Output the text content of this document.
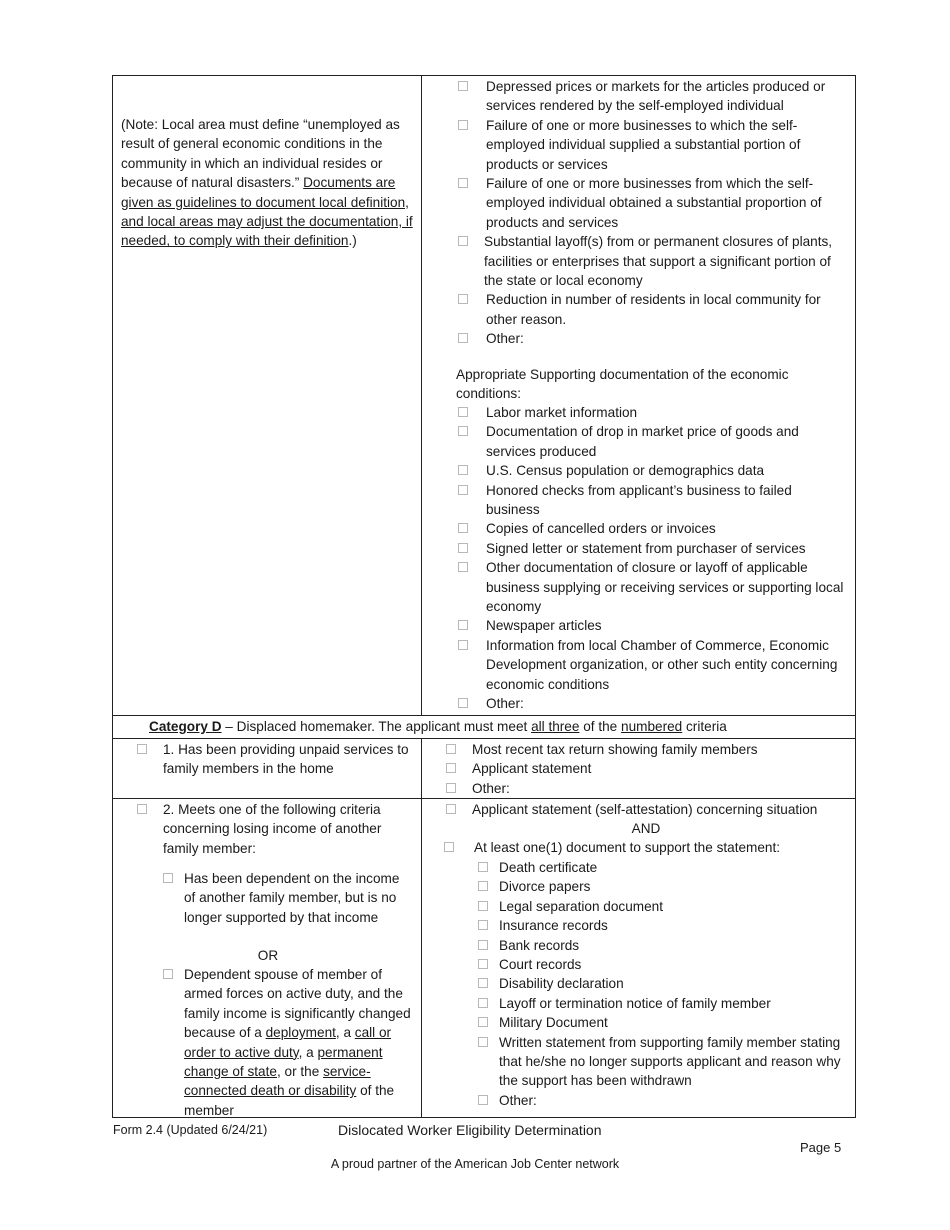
(Note: Local area must define “unemployed as result of general economic conditions in the community in which an individual resides or because of natural disasters.” Documents are given as guidelines to document local definition, and local areas may adjust the documentation, if needed, to comply with their definition.)
Depressed prices or markets for the articles produced or services rendered by the self-employed individual
Failure of one or more businesses to which the self-employed individual supplied a substantial portion of products or services
Failure of one or more businesses from which the self-employed individual obtained a substantial proportion of products and services
Substantial layoff(s) from or permanent closures of plants, facilities or enterprises that support a significant portion of the state or local economy
Reduction in number of residents in local community for other reason.
Other:
Appropriate Supporting documentation of the economic conditions:
Labor market information
Documentation of drop in market price of goods and services produced
U.S. Census population or demographics data
Honored checks from applicant’s business to failed business
Copies of cancelled orders or invoices
Signed letter or statement from purchaser of services
Other documentation of closure or layoff of applicable business supplying or receiving services or supporting local economy
Newspaper articles
Information from local Chamber of Commerce, Economic Development organization, or other such entity concerning economic conditions
Other:
Category D – Displaced homemaker. The applicant must meet all three of the numbered criteria
1. Has been providing unpaid services to family members in the home
Most recent tax return showing family members
Applicant statement
Other:
2. Meets one of the following criteria concerning losing income of another family member:
Has been dependent on the income of another family member, but is no longer supported by that income
OR
Dependent spouse of member of armed forces on active duty, and the family income is significantly changed because of a deployment, a call or order to active duty, a permanent change of state, or the service-connected death or disability of the member
Applicant statement (self-attestation) concerning situation
AND
At least one(1) document to support the statement:
Death certificate
Divorce papers
Legal separation document
Insurance records
Bank records
Court records
Disability declaration
Layoff or termination notice of family member
Military Document
Written statement from supporting family member stating that he/she no longer supports applicant and reason why the support has been withdrawn
Other:
Form 2.4 (Updated 6/24/21)	Dislocated Worker Eligibility Determination
Page 5
A proud partner of the American Job Center network
